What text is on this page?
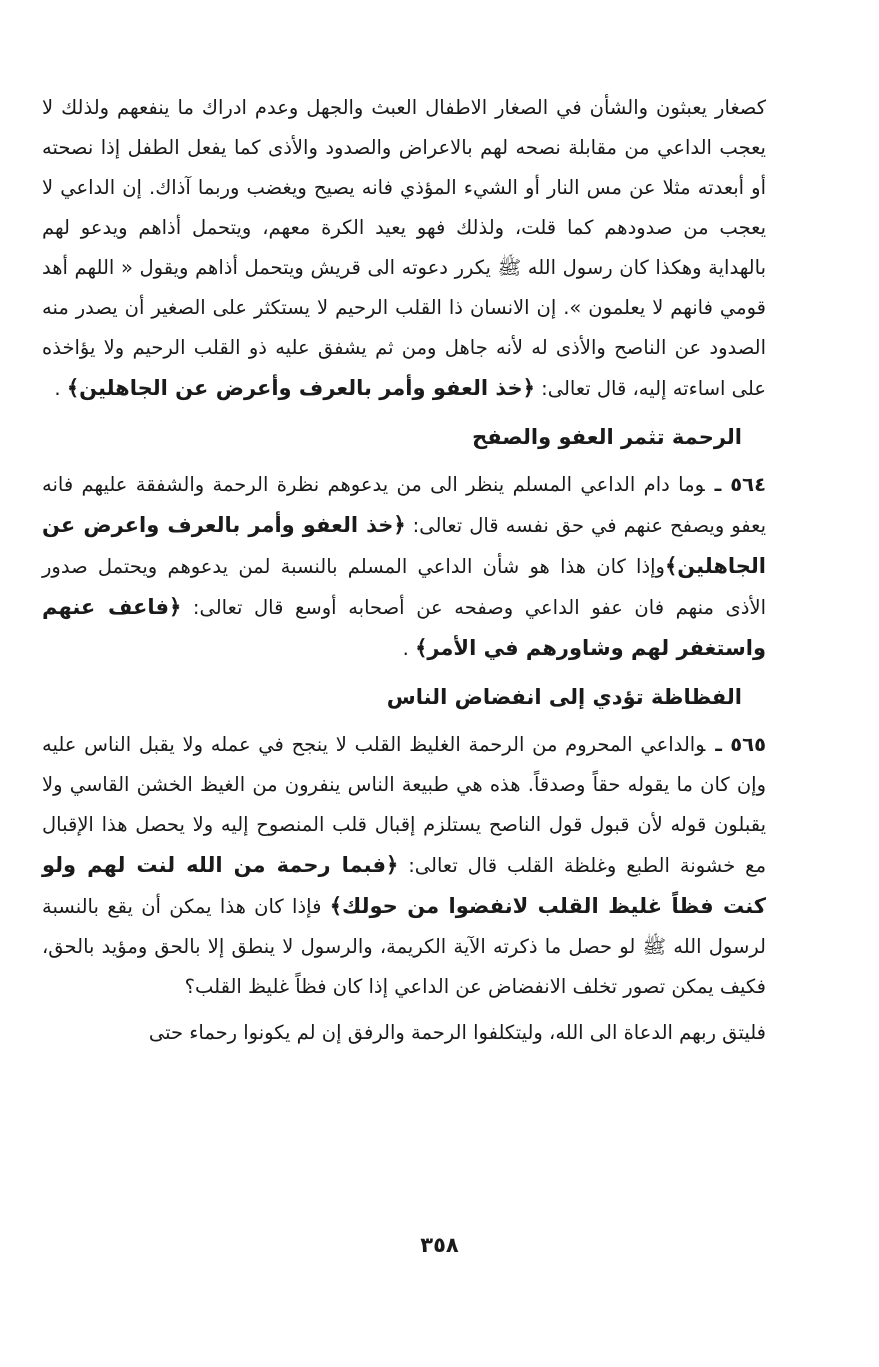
كصغار يعبثون والشأن في الصغار الاطفال العبث والجهل وعدم ادراك ما ينفعهم ولذلك لا يعجب الداعي من مقابلة نصحه لهم بالاعراض والصدود والأذى كما يفعل الطفل إذا نصحته أو أبعدته مثلا عن مس النار أو الشيء المؤذي فانه يصيح ويغضب وربما آذاك. إن الداعي لا يعجب من صدودهم كما قلت، ولذلك فهو يعيد الكرة معهم، ويتحمل أذاهم ويدعو لهم بالهداية وهكذا كان رسول الله ﷺ يكرر دعوته الى قريش ويتحمل أذاهم ويقول « اللهم أهد قومي فانهم لا يعلمون ». إن الانسان ذا القلب الرحيم لا يستكثر على الصغير أن يصدر منه الصدود عن الناصح والأذى له لأنه جاهل ومن ثم يشفق عليه ذو القلب الرحيم ولا يؤاخذه على اساءته إليه، قال تعالى: ﴿خذ العفو وأمر بالعرف وأعرض عن الجاهلين﴾ .

الرحمة تثمر العفو والصفح

٥٦٤ ـوما دام الداعي المسلم ينظر الى من يدعوهم نظرة الرحمة والشفقة عليهم فانه يعفو ويصفح عنهم في حق نفسه قال تعالى: ﴿خذ العفو وأمر بالعرف واعرض عن الجاهلين﴾وإذا كان هذا هو شأن الداعي المسلم بالنسبة لمن يدعوهم ويحتمل صدور الأذى منهم فان عفو الداعي وصفحه عن أصحابه أوسع قال تعالى: ﴿فاعف عنهم واستغفر لهم وشاورهم في الأمر﴾ .

الفظاظة تؤدي إلى انفضاض الناس

٥٦٥ ـوالداعي المحروم من الرحمة الغليظ القلب لا ينجح في عمله ولا يقبل الناس عليه وإن كان ما يقوله حقاً وصدقاً. هذه هي طبيعة الناس ينفرون من الغيظ الخشن القاسي ولا يقبلون قوله لأن قبول قول الناصح يستلزم إقبال قلب المنصوح إليه ولا يحصل هذا الإقبال مع خشونة الطبع وغلظة القلب قال تعالى: ﴿فبما رحمة من الله لنت لهم ولو كنت فظاً غليظ القلب لانفضوا من حولك﴾ فإذا كان هذا يمكن أن يقع بالنسبة لرسول الله ﷺ لو حصل ما ذكرته الآية الكريمة، والرسول لا ينطق إلا بالحق ومؤيد بالحق، فكيف يمكن تصور تخلف الانفضاض عن الداعي إذا كان فظاً غليظ القلب؟

فليتق ربهم الدعاة الى الله، وليتكلفوا الرحمة والرفق إن لم يكونوا رحماء حتى

٣٥٨
